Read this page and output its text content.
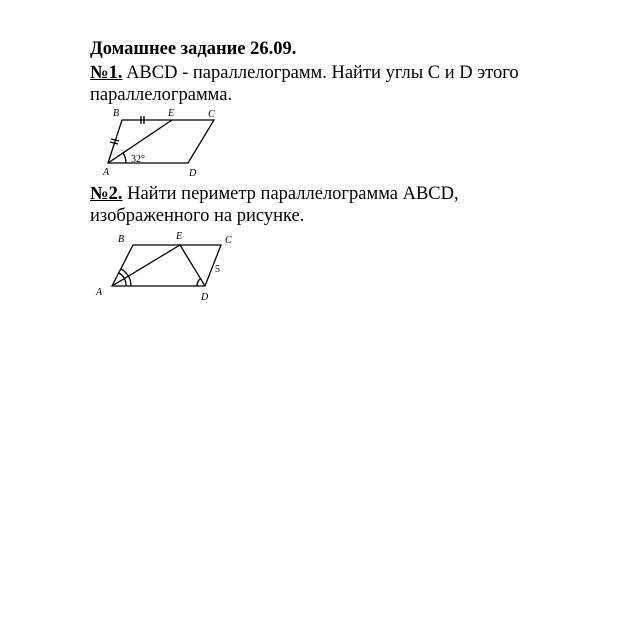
Домашнее задание 26.09.
№1. ABCD - параллелограмм. Найти углы C и D этого параллелограмма.
B	E	C
A	D
32°
№2. Найти периметр параллелограмма ABCD, изображенного на рисунке.
B	E	C
A	D
5
